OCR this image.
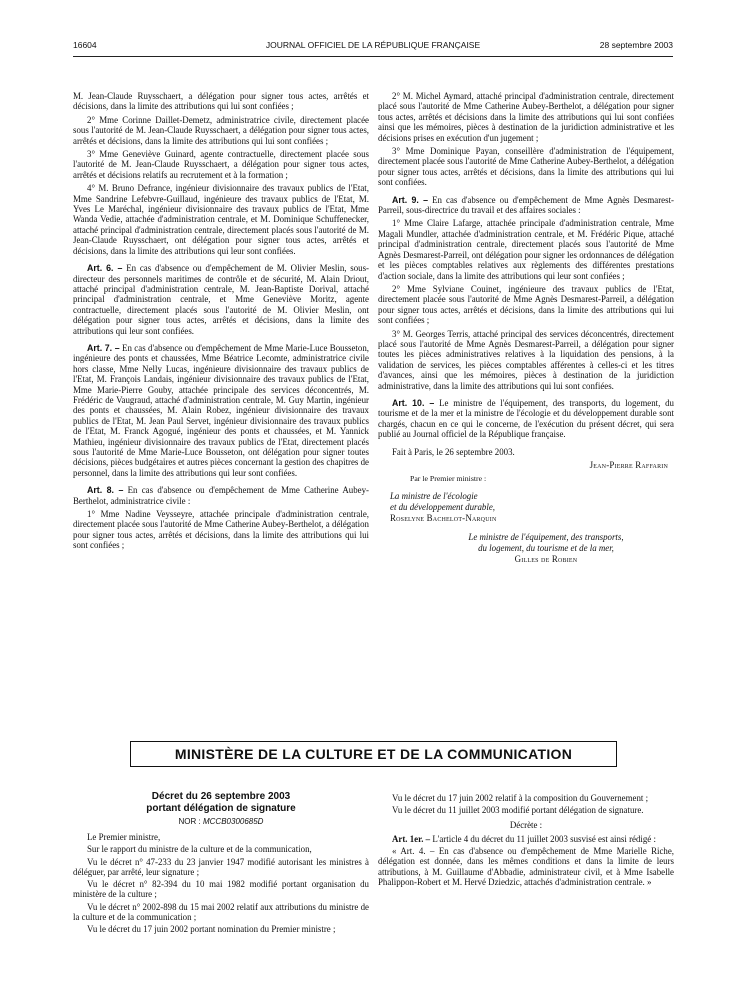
16604	JOURNAL OFFICIEL DE LA RÉPUBLIQUE FRANÇAISE	28 septembre 2003

M. Jean-Claude Ruysschaert, a délégation pour signer tous actes, arrêtés et décisions, dans la limite des attributions qui lui sont confiées ;

2° Mme Corinne Daillet-Demetz, administratrice civile, directement placée sous l'autorité de M. Jean-Claude Ruysschaert, a délégation pour signer tous actes, arrêtés et décisions, dans la limite des attributions qui lui sont confiées ;

3° Mme Geneviève Guinard, agente contractuelle, directement placée sous l'autorité de M. Jean-Claude Ruysschaert, a délégation pour signer tous actes, arrêtés et décisions relatifs au recrutement et à la formation ;

4° M. Bruno Defrance, ingénieur divisionnaire des travaux publics de l'Etat, Mme Sandrine Lefebvre-Guillaud, ingénieure des travaux publics de l'Etat, M. Yves Le Maréchal, ingénieur divisionnaire des travaux publics de l'Etat, Mme Wanda Vedie, attachée d'administration centrale, et M. Dominique Schuffenecker, attaché principal d'administration centrale, directement placés sous l'autorité de M. Jean-Claude Ruysschaert, ont délégation pour signer tous actes, arrêtés et décisions, dans la limite des attributions qui leur sont confiées.

Art. 6. – En cas d'absence ou d'empêchement de M. Olivier Meslin, sous-directeur des personnels maritimes de contrôle et de sécurité, M. Alain Driout, attaché principal d'administration centrale, M. Jean-Baptiste Dorival, attaché principal d'administration centrale, et Mme Geneviève Moritz, agente contractuelle, directement placés sous l'autorité de M. Olivier Meslin, ont délégation pour signer tous actes, arrêtés et décisions, dans la limite des attributions qui leur sont confiées.

Art. 7. – En cas d'absence ou d'empêchement de Mme Marie-Luce Bousseton, ingénieure des ponts et chaussées, Mme Béatrice Lecomte, administratrice civile hors classe, Mme Nelly Lucas, ingénieure divisionnaire des travaux publics de l'Etat, M. François Landais, ingénieur divisionnaire des travaux publics de l'Etat, Mme Marie-Pierre Gouby, attachée principale des services déconcentrés, M. Frédéric de Vaugraud, attaché d'administration centrale, M. Guy Martin, ingénieur des ponts et chaussées, M. Alain Robez, ingénieur divisionnaire des travaux publics de l'Etat, M. Jean Paul Servet, ingénieur divisionnaire des travaux publics de l'Etat, M. Franck Agogué, ingénieur des ponts et chaussées, et M. Yannick Mathieu, ingénieur divisionnaire des travaux publics de l'Etat, directement placés sous l'autorité de Mme Marie-Luce Bousseton, ont délégation pour signer toutes décisions, pièces budgétaires et autres pièces concernant la gestion des chapitres de personnel, dans la limite des attributions qui leur sont confiées.

Art. 8. – En cas d'absence ou d'empêchement de Mme Catherine Aubey-Berthelot, administratrice civile :

1° Mme Nadine Veysseyre, attachée principale d'administration centrale, directement placée sous l'autorité de Mme Catherine Aubey-Berthelot, a délégation pour signer tous actes, arrêtés et décisions, dans la limite des attributions qui lui sont confiées ;

2° M. Michel Aymard, attaché principal d'administration centrale, directement placé sous l'autorité de Mme Catherine Aubey-Berthelot, a délégation pour signer tous actes, arrêtés et décisions dans la limite des attributions qui lui sont confiées ainsi que les mémoires, pièces à destination de la juridiction administrative et les décisions prises en exécution d'un jugement ;

3° Mme Dominique Payan, conseillère d'administration de l'équipement, directement placée sous l'autorité de Mme Catherine Aubey-Berthelot, a délégation pour signer tous actes, arrêtés et décisions, dans la limite des attributions qui lui sont confiées.

Art. 9. – En cas d'absence ou d'empêchement de Mme Agnès Desmarest-Parreil, sous-directrice du travail et des affaires sociales :

1° Mme Claire Lafarge, attachée principale d'administration centrale, Mme Magali Mundler, attachée d'administration centrale, et M. Frédéric Pique, attaché principal d'administration centrale, directement placés sous l'autorité de Mme Agnès Desmarest-Parreil, ont délégation pour signer les ordonnances de délégation et les pièces comptables relatives aux règlements des différentes prestations d'action sociale, dans la limite des attributions qui leur sont confiées ;

2° Mme Sylviane Couinet, ingénieure des travaux publics de l'Etat, directement placée sous l'autorité de Mme Agnès Desmarest-Parreil, a délégation pour signer tous actes, arrêtés et décisions, dans la limite des attributions qui lui sont confiées ;

3° M. Georges Terris, attaché principal des services déconcentrés, directement placé sous l'autorité de Mme Agnès Desmarest-Parreil, a délégation pour signer toutes les pièces administratives relatives à la liquidation des pensions, à la validation de services, les pièces comptables afférentes à celles-ci et les titres d'avances, ainsi que les mémoires, pièces à destination de la juridiction administrative, dans la limite des attributions qui lui sont confiées.

Art. 10. – Le ministre de l'équipement, des transports, du logement, du tourisme et de la mer et la ministre de l'écologie et du développement durable sont chargés, chacun en ce qui le concerne, de l'exécution du présent décret, qui sera publié au Journal officiel de la République française.

Fait à Paris, le 26 septembre 2003.

Jean-Pierre Raffarin

Par le Premier ministre :

La ministre de l'écologie
et du développement durable,
Roselyne Bachelot-Narquin

Le ministre de l'équipement, des transports,
du logement, du tourisme et de la mer,
Gilles de Robien

MINISTÈRE DE LA CULTURE ET DE LA COMMUNICATION
Décret du 26 septembre 2003
portant délégation de signature
NOR : MCCB0300685D

Le Premier ministre,

Sur le rapport du ministre de la culture et de la communication,

Vu le décret n° 47-233 du 23 janvier 1947 modifié autorisant les ministres à déléguer, par arrêté, leur signature ;

Vu le décret n° 82-394 du 10 mai 1982 modifié portant organisation du ministère de la culture ;

Vu le décret n° 2002-898 du 15 mai 2002 relatif aux attributions du ministre de la culture et de la communication ;

Vu le décret du 17 juin 2002 portant nomination du Premier ministre ;

Vu le décret du 17 juin 2002 relatif à la composition du Gouvernement ;

Vu le décret du 11 juillet 2003 modifié portant délégation de signature.

Décrète :

Art. 1er. – L'article 4 du décret du 11 juillet 2003 susvisé est ainsi rédigé :

« Art. 4. – En cas d'absence ou d'empêchement de Mme Marielle Riche, délégation est donnée, dans les mêmes conditions et dans la limite de leurs attributions, à M. Guillaume d'Abbadie, administrateur civil, et à Mme Isabelle Phalippon-Robert et M. Hervé Dziedzic, attachés d'administration centrale. »
